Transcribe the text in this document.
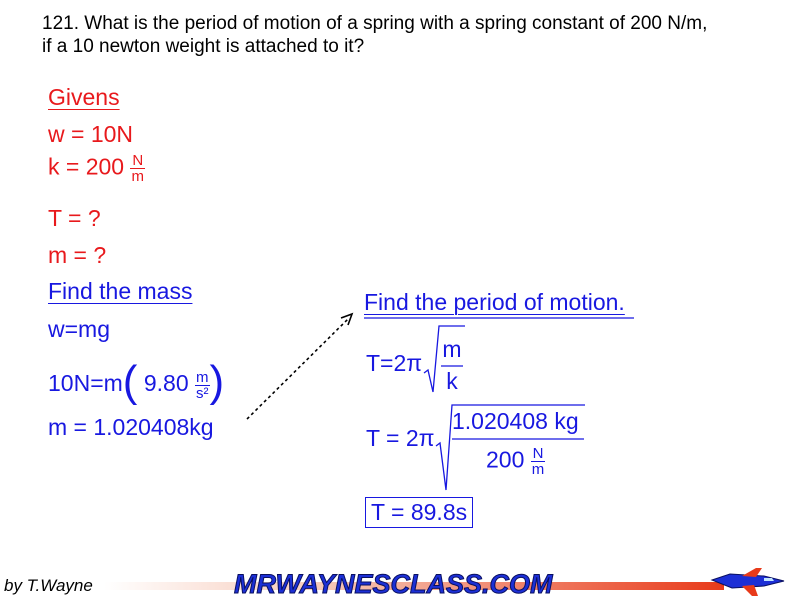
121. What is the period of motion of a spring with a spring constant of 200 N/m,
if a 10 newton weight is attached to it?
Givens
w = 10N
$k = 200 \frac{N}{m}$
T = ?
m = ?
Find the mass
w=mg
10N=m( $9.80 \frac{m}{\text{s²}}$ )
m = 1.020408kg
Find the period of motion.
T=2π
m
k
T = 2π
1.020408 kg
$200 \frac{N}{m}$
T = 89.8s
by T.Wayne	MRWAYNESCLASS.COM
